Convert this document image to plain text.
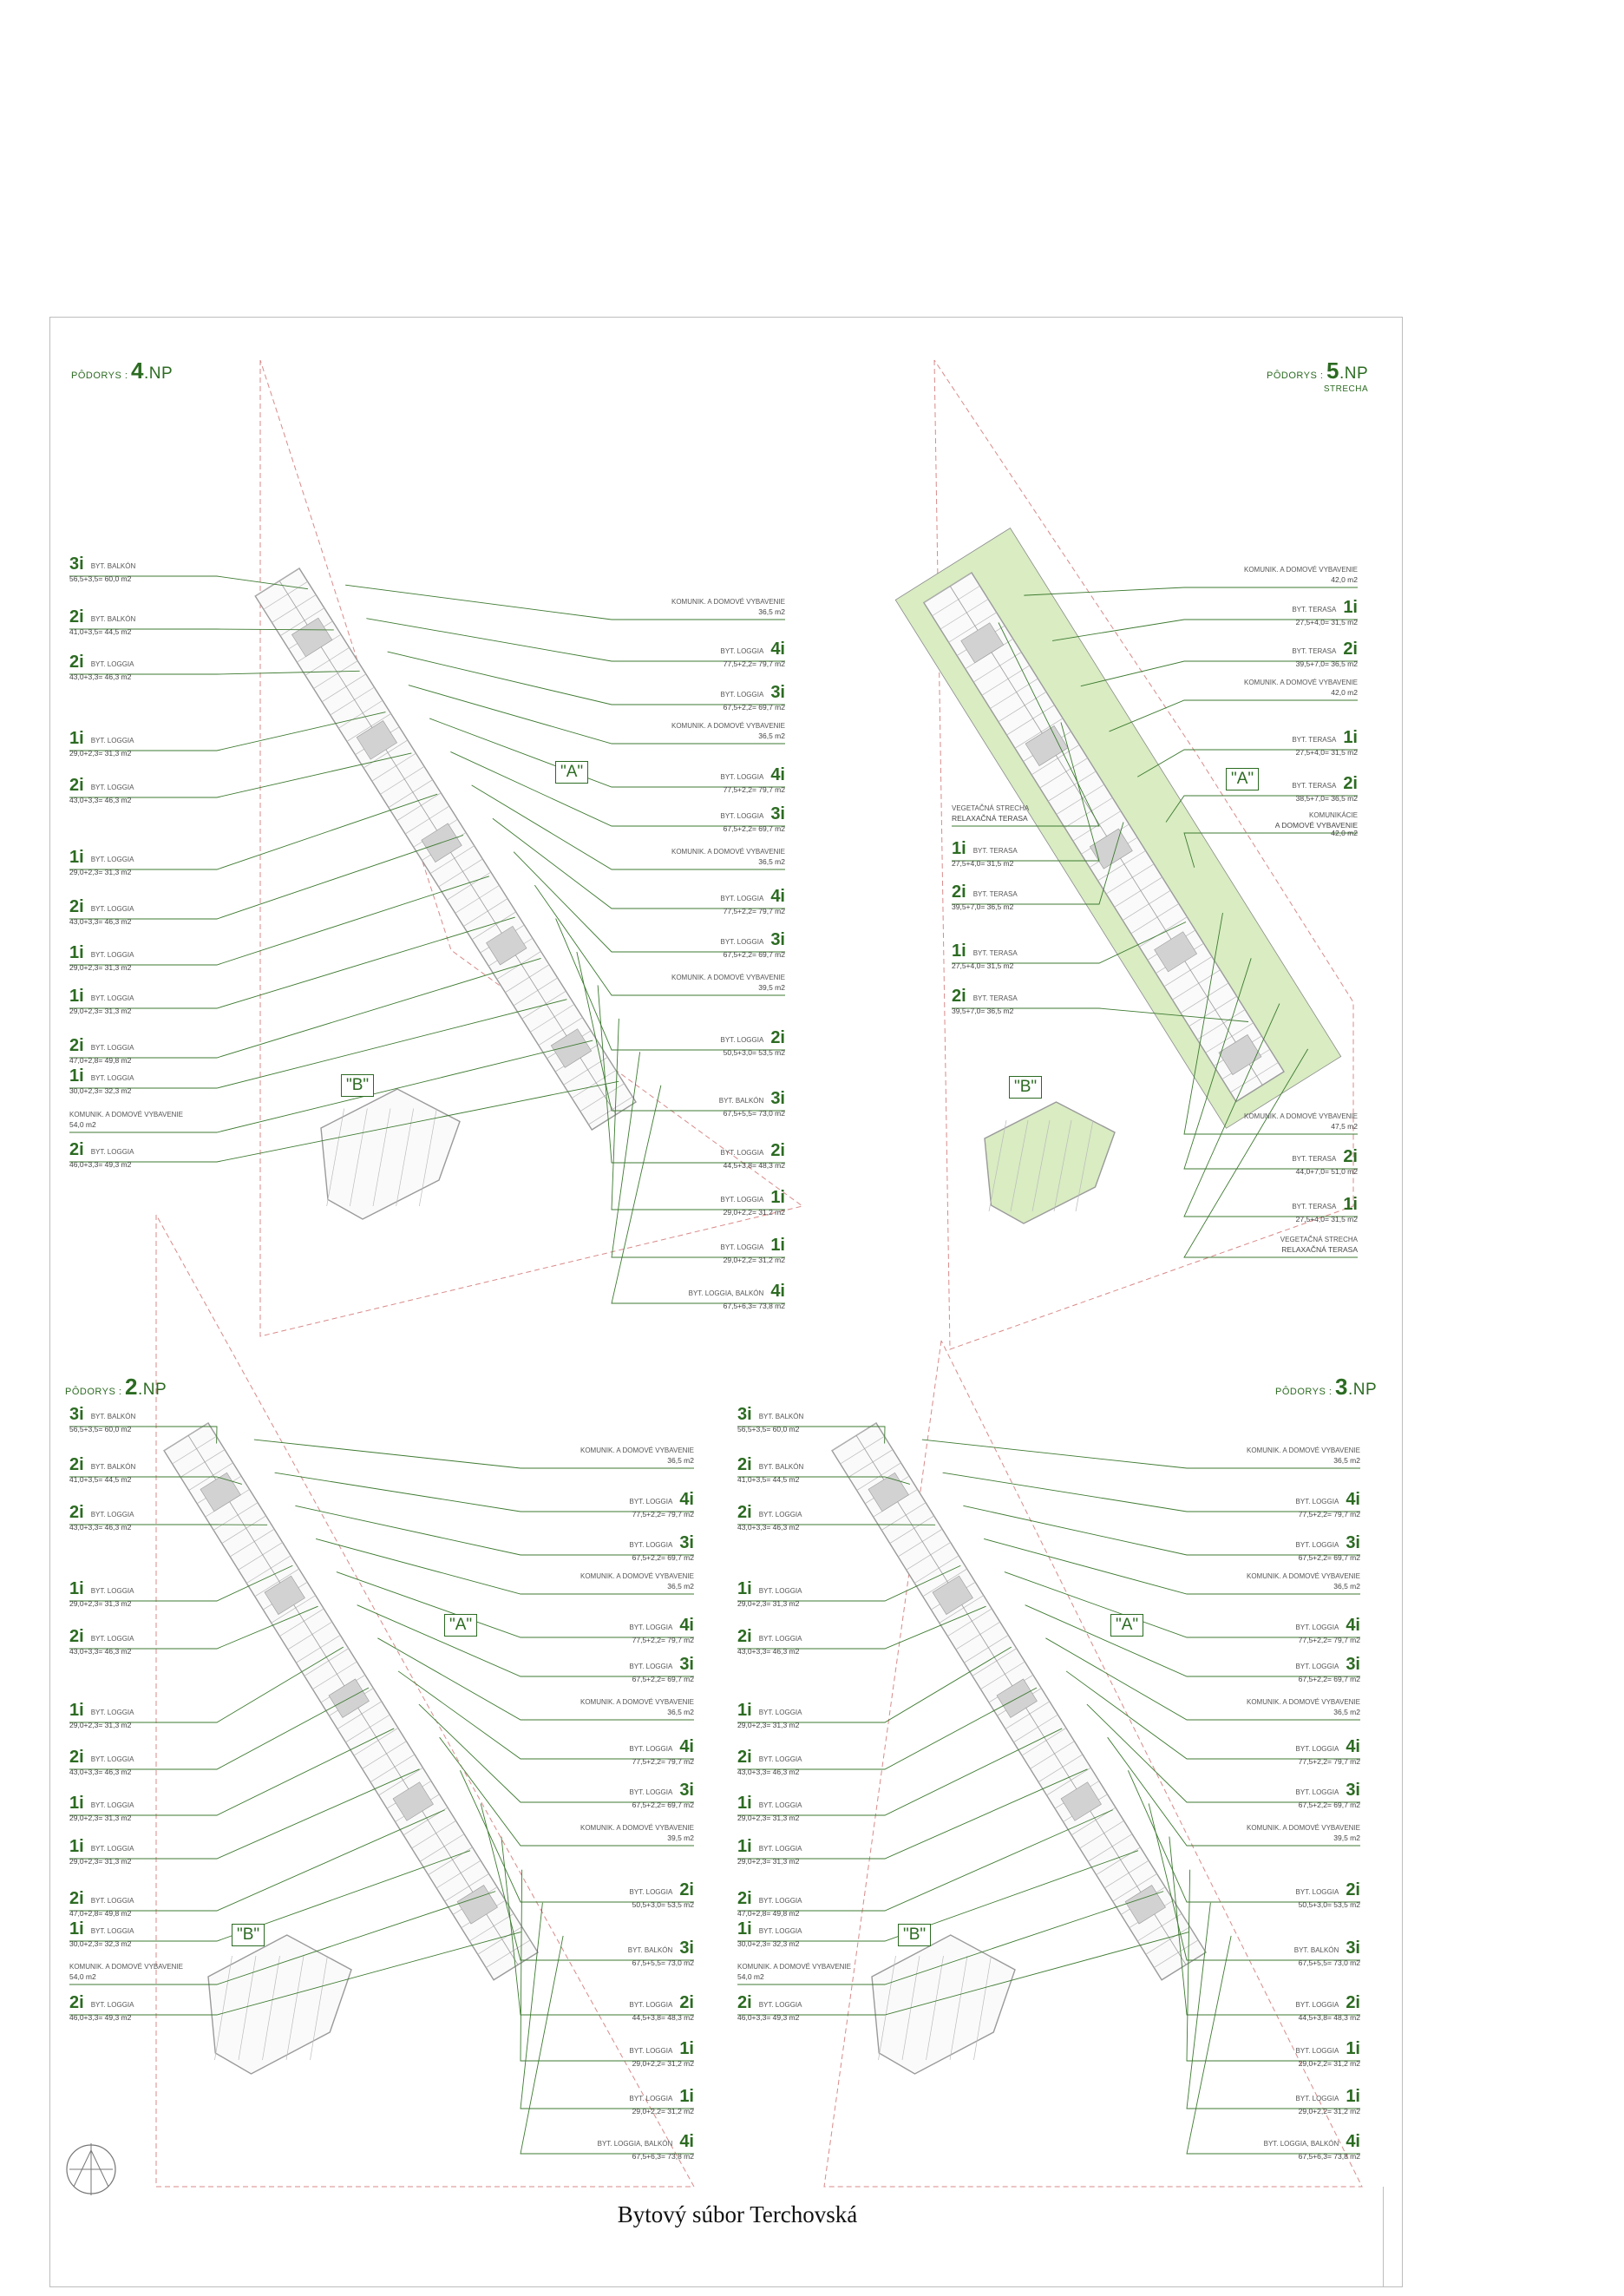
PÔDORYS : 4.NP
"A"
"B"
3i BYT. BALKÓN
56,5+3,5= 60,0 m2
2i BYT. BALKÓN
41,0+3,5= 44,5 m2
2i BYT. LOGGIA
43,0+3,3= 46,3 m2
1i BYT. LOGGIA
29,0+2,3= 31,3 m2
2i BYT. LOGGIA
43,0+3,3= 46,3 m2
1i BYT. LOGGIA
29,0+2,3= 31,3 m2
2i BYT. LOGGIA
43,0+3,3= 46,3 m2
1i BYT. LOGGIA
29,0+2,3= 31,3 m2
1i BYT. LOGGIA
29,0+2,3= 31,3 m2
2i BYT. LOGGIA
47,0+2,8= 49,8 m2
1i BYT. LOGGIA
30,0+2,3= 32,3 m2
KOMUNIK. A DOMOVÉ VYBAVENIE
54,0 m2
2i BYT. LOGGIA
46,0+3,3= 49,3 m2
KOMUNIK. A DOMOVÉ VYBAVENIE
36,5 m2
BYT. LOGGIA 4i
77,5+2,2= 79,7 m2
BYT. LOGGIA 3i
67,5+2,2= 69,7 m2
KOMUNIK. A DOMOVÉ VYBAVENIE
36,5 m2
BYT. LOGGIA 4i
77,5+2,2= 79,7 m2
BYT. LOGGIA 3i
67,5+2,2= 69,7 m2
KOMUNIK. A DOMOVÉ VYBAVENIE
36,5 m2
BYT. LOGGIA 4i
77,5+2,2= 79,7 m2
BYT. LOGGIA 3i
67,5+2,2= 69,7 m2
KOMUNIK. A DOMOVÉ VYBAVENIE
39,5 m2
BYT. LOGGIA 2i
50,5+3,0= 53,5 m2
BYT. BALKÓN 3i
67,5+5,5= 73,0 m2
BYT. LOGGIA 2i
44,5+3,8= 48,3 m2
BYT. LOGGIA 1i
29,0+2,2= 31,2 m2
BYT. LOGGIA 1i
29,0+2,2= 31,2 m2
BYT. LOGGIA, BALKÓN 4i
67,5+6,3= 73,8 m2
PÔDORYS : 5.NP
STRECHA
"A"
"B"
VEGETAČNÁ STRECHA
RELAXAČNÁ TERASA
1i BYT. TERASA
27,5+4,0= 31,5 m2
2i BYT. TERASA
39,5+7,0= 36,5 m2
1i BYT. TERASA
27,5+4,0= 31,5 m2
2i BYT. TERASA
39,5+7,0= 36,5 m2
KOMUNIK. A DOMOVÉ VYBAVENIE
42,0 m2
BYT. TERASA 1i
27,5+4,0= 31,5 m2
BYT. TERASA 2i
39,5+7,0= 36,5 m2
KOMUNIK. A DOMOVÉ VYBAVENIE
42,0 m2
BYT. TERASA 1i
27,5+4,0= 31,5 m2
BYT. TERASA 2i
38,5+7,0= 36,5 m2
KOMUNIKÁCIE
A DOMOVÉ VYBAVENIE
42,0 m2
KOMUNIK. A DOMOVÉ VYBAVENIE
47,5 m2
BYT. TERASA 2i
44,0+7,0= 51,0 m2
BYT. TERASA 1i
27,5+4,0= 31,5 m2
VEGETAČNÁ STRECHA
RELAXAČNÁ TERASA
PÔDORYS : 2.NP
"A"
"B"
3i BYT. BALKÓN
56,5+3,5= 60,0 m2
2i BYT. BALKÓN
41,0+3,5= 44,5 m2
2i BYT. LOGGIA
43,0+3,3= 46,3 m2
1i BYT. LOGGIA
29,0+2,3= 31,3 m2
2i BYT. LOGGIA
43,0+3,3= 46,3 m2
1i BYT. LOGGIA
29,0+2,3= 31,3 m2
2i BYT. LOGGIA
43,0+3,3= 46,3 m2
1i BYT. LOGGIA
29,0+2,3= 31,3 m2
1i BYT. LOGGIA
29,0+2,3= 31,3 m2
2i BYT. LOGGIA
47,0+2,8= 49,8 m2
1i BYT. LOGGIA
30,0+2,3= 32,3 m2
KOMUNIK. A DOMOVÉ VYBAVENIE
54,0 m2
2i BYT. LOGGIA
46,0+3,3= 49,3 m2
KOMUNIK. A DOMOVÉ VYBAVENIE
36,5 m2
BYT. LOGGIA 4i
77,5+2,2= 79,7 m2
BYT. LOGGIA 3i
67,5+2,2= 69,7 m2
KOMUNIK. A DOMOVÉ VYBAVENIE
36,5 m2
BYT. LOGGIA 4i
77,5+2,2= 79,7 m2
BYT. LOGGIA 3i
67,5+2,2= 69,7 m2
KOMUNIK. A DOMOVÉ VYBAVENIE
36,5 m2
BYT. LOGGIA 4i
77,5+2,2= 79,7 m2
BYT. LOGGIA 3i
67,5+2,2= 69,7 m2
KOMUNIK. A DOMOVÉ VYBAVENIE
39,5 m2
BYT. LOGGIA 2i
50,5+3,0= 53,5 m2
BYT. BALKÓN 3i
67,5+5,5= 73,0 m2
BYT. LOGGIA 2i
44,5+3,8= 48,3 m2
BYT. LOGGIA 1i
29,0+2,2= 31,2 m2
BYT. LOGGIA 1i
29,0+2,2= 31,2 m2
BYT. LOGGIA, BALKÓN 4i
67,5+6,3= 73,8 m2
PÔDORYS : 3.NP
"A"
"B"
3i BYT. BALKÓN
56,5+3,5= 60,0 m2
2i BYT. BALKÓN
41,0+3,5= 44,5 m2
2i BYT. LOGGIA
43,0+3,3= 46,3 m2
1i BYT. LOGGIA
29,0+2,3= 31,3 m2
2i BYT. LOGGIA
43,0+3,3= 46,3 m2
1i BYT. LOGGIA
29,0+2,3= 31,3 m2
2i BYT. LOGGIA
43,0+3,3= 46,3 m2
1i BYT. LOGGIA
29,0+2,3= 31,3 m2
1i BYT. LOGGIA
29,0+2,3= 31,3 m2
2i BYT. LOGGIA
47,0+2,8= 49,8 m2
1i BYT. LOGGIA
30,0+2,3= 32,3 m2
KOMUNIK. A DOMOVÉ VYBAVENIE
54,0 m2
2i BYT. LOGGIA
46,0+3,3= 49,3 m2
KOMUNIK. A DOMOVÉ VYBAVENIE
36,5 m2
BYT. LOGGIA 4i
77,5+2,2= 79,7 m2
BYT. LOGGIA 3i
67,5+2,2= 69,7 m2
KOMUNIK. A DOMOVÉ VYBAVENIE
36,5 m2
BYT. LOGGIA 4i
77,5+2,2= 79,7 m2
BYT. LOGGIA 3i
67,5+2,2= 69,7 m2
KOMUNIK. A DOMOVÉ VYBAVENIE
36,5 m2
BYT. LOGGIA 4i
77,5+2,2= 79,7 m2
BYT. LOGGIA 3i
67,5+2,2= 69,7 m2
KOMUNIK. A DOMOVÉ VYBAVENIE
39,5 m2
BYT. LOGGIA 2i
50,5+3,0= 53,5 m2
BYT. BALKÓN 3i
67,5+5,5= 73,0 m2
BYT. LOGGIA 2i
44,5+3,8= 48,3 m2
BYT. LOGGIA 1i
29,0+2,2= 31,2 m2
BYT. LOGGIA 1i
29,0+2,2= 31,2 m2
BYT. LOGGIA, BALKÓN 4i
67,5+6,3= 73,8 m2
Bytový súbor Terchovská
